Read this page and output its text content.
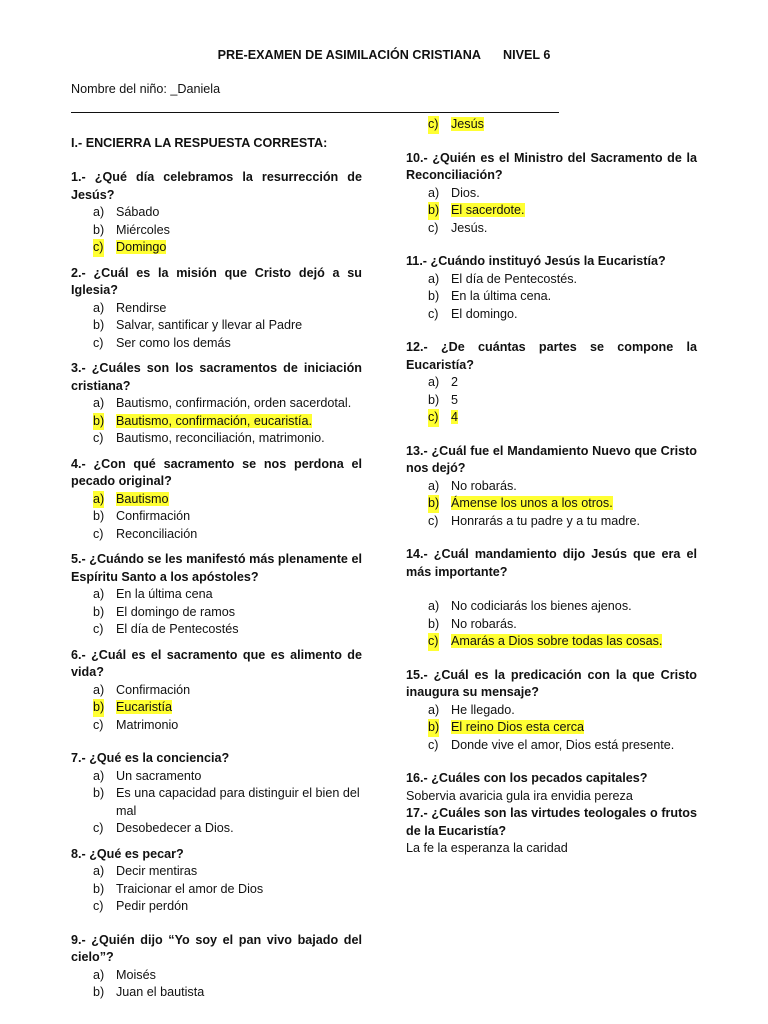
PRE-EXAMEN DE ASIMILACIÓN CRISTIANA NIVEL 6
Nombre del niño: _Daniela
I.- ENCIERRA LA RESPUESTA CORRESTA:
1.- ¿Qué día celebramos la resurrección de Jesús?
a) Sábado
b) Miércoles
c) Domingo
2.- ¿Cuál es la misión que Cristo dejó a su Iglesia?
a) Rendirse
b) Salvar, santificar y llevar al Padre
c) Ser como los demás
3.- ¿Cuáles son los sacramentos de iniciación cristiana?
a) Bautismo, confirmación, orden sacerdotal.
b) Bautismo, confirmación, eucaristía.
c) Bautismo, reconciliación, matrimonio.
4.- ¿Con qué sacramento se nos perdona el pecado original?
a) Bautismo
b) Confirmación
c) Reconciliación
5.- ¿Cuándo se les manifestó más plenamente el Espíritu Santo a los apóstoles?
a) En la última cena
b) El domingo de ramos
c) El día de Pentecostés
6.- ¿Cuál es el sacramento que es alimento de vida?
a) Confirmación
b) Eucaristía
c) Matrimonio
7.- ¿Qué es la conciencia?
a) Un sacramento
b) Es una capacidad para distinguir el bien del mal
c) Desobedecer a Dios.
8.- ¿Qué es pecar?
a) Decir mentiras
b) Traicionar el amor de Dios
c) Pedir perdón
9.- ¿Quién dijo “Yo soy el pan vivo bajado del cielo”?
a) Moisés
b) Juan el bautista
c) Jesús
10.- ¿Quién es el Ministro del Sacramento de la Reconciliación?
a) Dios.
b) El sacerdote.
c) Jesús.
11.- ¿Cuándo instituyó Jesús la Eucaristía?
a) El día de Pentecostés.
b) En la última cena.
c) El domingo.
12.- ¿De cuántas partes se compone la Eucaristía?
a) 2
b) 5
c) 4
13.- ¿Cuál fue el Mandamiento Nuevo que Cristo nos dejó?
a) No robarás.
b) Ámense los unos a los otros.
c) Honrarás a tu padre y a tu madre.
14.- ¿Cuál mandamiento dijo Jesús que era el más importante?
a) No codiciarás los bienes ajenos.
b) No robarás.
c) Amarás a Dios sobre todas las cosas.
15.- ¿Cuál es la predicación con la que Cristo inaugura su mensaje?
a) He llegado.
b) El reino Dios esta cerca
c) Donde vive el amor, Dios está presente.
16.- ¿Cuáles con los pecados capitales?
Sobervia avaricia gula ira envidia pereza
17.- ¿Cuáles son las virtudes teologales o frutos de la Eucaristía?
La fe la esperanza la caridad
